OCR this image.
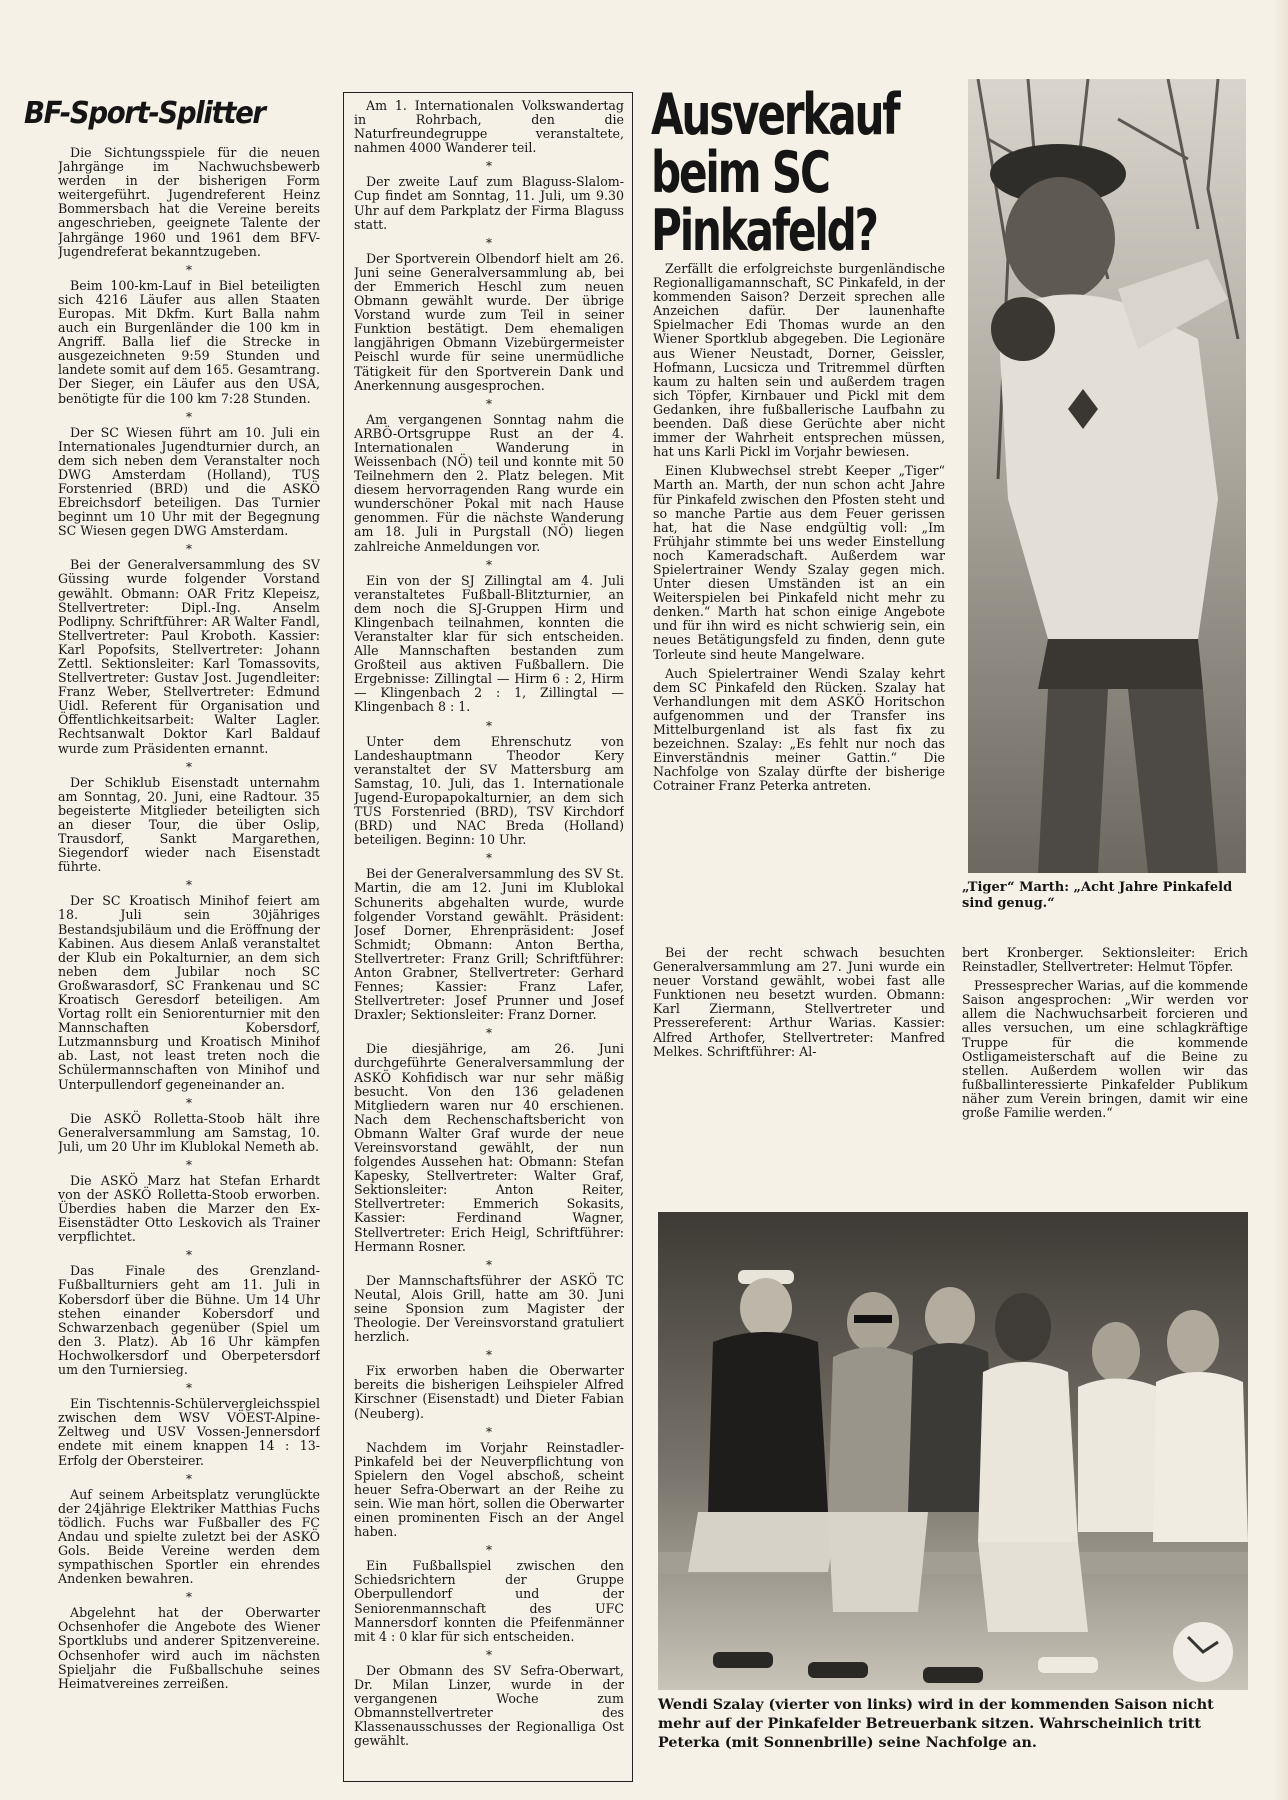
BF-Sport-Splitter

Die Sichtungsspiele für die neuen Jahrgänge im Nachwuchsbewerb werden in der bisherigen Form weitergeführt. Jugendreferent Heinz Bommersbach hat die Vereine bereits angeschrieben, geeignete Talente der Jahrgänge 1960 und 1961 dem BFV-Jugendreferat bekanntzugeben.

*

Beim 100-km-Lauf in Biel beteiligten sich 4216 Läufer aus allen Staaten Europas. Mit Dkfm. Kurt Balla nahm auch ein Burgenländer die 100 km in Angriff. Balla lief die Strecke in ausgezeichneten 9:59 Stunden und landete somit auf dem 165. Gesamtrang. Der Sieger, ein Läufer aus den USA, benötigte für die 100 km 7:28 Stunden.

*

Der SC Wiesen führt am 10. Juli ein Internationales Jugendturnier durch, an dem sich neben dem Veranstalter noch DWG Amsterdam (Holland), TUS Forstenried (BRD) und die ASKÖ Ebreichsdorf beteiligen. Das Turnier beginnt um 10 Uhr mit der Begegnung SC Wiesen gegen DWG Amsterdam.

*

Bei der Generalversammlung des SV Güssing wurde folgender Vorstand gewählt. Obmann: OAR Fritz Klepeisz, Stellvertreter: Dipl.-Ing. Anselm Podlipny. Schriftführer: AR Walter Fandl, Stellvertreter: Paul Kroboth. Kassier: Karl Popofsits, Stellvertreter: Johann Zettl. Sektionsleiter: Karl Tomassovits, Stellvertreter: Gustav Jost. Jugendleiter: Franz Weber, Stellvertreter: Edmund Uidl. Referent für Organisation und Öffentlichkeitsarbeit: Walter Lagler. Rechtsanwalt Doktor Karl Baldauf wurde zum Präsidenten ernannt.

*

Der Schiklub Eisenstadt unternahm am Sonntag, 20. Juni, eine Radtour. 35 begeisterte Mitglieder beteiligten sich an dieser Tour, die über Oslip, Trausdorf, Sankt Margarethen, Siegendorf wieder nach Eisenstadt führte.

*

Der SC Kroatisch Minihof feiert am 18. Juli sein 30jähriges Bestandsjubiläum und die Eröffnung der Kabinen. Aus diesem Anlaß veranstaltet der Klub ein Pokalturnier, an dem sich neben dem Jubilar noch SC Großwarasdorf, SC Frankenau und SC Kroatisch Geresdorf beteiligen. Am Vortag rollt ein Seniorenturnier mit den Mannschaften Kobersdorf, Lutzmannsburg und Kroatisch Minihof ab. Last, not least treten noch die Schülermannschaften von Minihof und Unterpullendorf gegeneinander an.

*

Die ASKÖ Rolletta-Stoob hält ihre Generalversammlung am Samstag, 10. Juli, um 20 Uhr im Klublokal Nemeth ab.

*

Die ASKÖ Marz hat Stefan Erhardt von der ASKÖ Rolletta-Stoob erworben. Überdies haben die Marzer den Ex-Eisenstädter Otto Leskovich als Trainer verpflichtet.

*

Das Finale des Grenzland-Fußballturniers geht am 11. Juli in Kobersdorf über die Bühne. Um 14 Uhr stehen einander Kobersdorf und Schwarzenbach gegenüber (Spiel um den 3. Platz). Ab 16 Uhr kämpfen Hochwolkersdorf und Oberpetersdorf um den Turniersieg.

*

Ein Tischtennis-Schülervergleichsspiel zwischen dem WSV VÖEST-Alpine-Zeltweg und USV Vossen-Jennersdorf endete mit einem knappen 14 : 13-Erfolg der Obersteirer.

*

Auf seinem Arbeitsplatz verunglückte der 24jährige Elektriker Matthias Fuchs tödlich. Fuchs war Fußballer des FC Andau und spielte zuletzt bei der ASKÖ Gols. Beide Vereine werden dem sympathischen Sportler ein ehrendes Andenken bewahren.

*

Abgelehnt hat der Oberwarter Ochsenhofer die Angebote des Wiener Sportklubs und anderer Spitzenvereine. Ochsenhofer wird auch im nächsten Spieljahr die Fußballschuhe seines Heimatvereines zerreißen.

Am 1. Internationalen Volkswandertag in Rohrbach, den die Naturfreundegruppe veranstaltete, nahmen 4000 Wanderer teil.

*

Der zweite Lauf zum Blaguss-Slalom-Cup findet am Sonntag, 11. Juli, um 9.30 Uhr auf dem Parkplatz der Firma Blaguss statt.

*

Der Sportverein Olbendorf hielt am 26. Juni seine Generalversammlung ab, bei der Emmerich Heschl zum neuen Obmann gewählt wurde. Der übrige Vorstand wurde zum Teil in seiner Funktion bestätigt. Dem ehemaligen langjährigen Obmann Vizebürgermeister Peischl wurde für seine unermüdliche Tätigkeit für den Sportverein Dank und Anerkennung ausgesprochen.

*

Am vergangenen Sonntag nahm die ARBÖ-Ortsgruppe Rust an der 4. Internationalen Wanderung in Weissenbach (NÖ) teil und konnte mit 50 Teilnehmern den 2. Platz belegen. Mit diesem hervorragenden Rang wurde ein wunderschöner Pokal mit nach Hause genommen. Für die nächste Wanderung am 18. Juli in Purgstall (NÖ) liegen zahlreiche Anmeldungen vor.

*

Ein von der SJ Zillingtal am 4. Juli veranstaltetes Fußball-Blitzturnier, an dem noch die SJ-Gruppen Hirm und Klingenbach teilnahmen, konnten die Veranstalter klar für sich entscheiden. Alle Mannschaften bestanden zum Großteil aus aktiven Fußballern. Die Ergebnisse: Zillingtal — Hirm 6 : 2, Hirm — Klingenbach 2 : 1, Zillingtal — Klingenbach 8 : 1.

*

Unter dem Ehrenschutz von Landeshauptmann Theodor Kery veranstaltet der SV Mattersburg am Samstag, 10. Juli, das 1. Internationale Jugend-Europapokalturnier, an dem sich TUS Forstenried (BRD), TSV Kirchdorf (BRD) und NAC Breda (Holland) beteiligen. Beginn: 10 Uhr.

*

Bei der Generalversammlung des SV St. Martin, die am 12. Juni im Klublokal Schunerits abgehalten wurde, wurde folgender Vorstand gewählt. Präsident: Josef Dorner, Ehrenpräsident: Josef Schmidt; Obmann: Anton Bertha, Stellvertreter: Franz Grill; Schriftführer: Anton Grabner, Stellvertreter: Gerhard Fennes; Kassier: Franz Lafer, Stellvertreter: Josef Prunner und Josef Draxler; Sektionsleiter: Franz Dorner.

*

Die diesjährige, am 26. Juni durchgeführte Generalversammlung der ASKÖ Kohfidisch war nur sehr mäßig besucht. Von den 136 geladenen Mitgliedern waren nur 40 erschienen. Nach dem Rechenschaftsbericht von Obmann Walter Graf wurde der neue Vereinsvorstand gewählt, der nun folgendes Aussehen hat: Obmann: Stefan Kapesky, Stellvertreter: Walter Graf, Sektionsleiter: Anton Reiter, Stellvertreter: Emmerich Sokasits, Kassier: Ferdinand Wagner, Stellvertreter: Erich Heigl, Schriftführer: Hermann Rosner.

*

Der Mannschaftsführer der ASKÖ TC Neutal, Alois Grill, hatte am 30. Juni seine Sponsion zum Magister der Theologie. Der Vereinsvorstand gratuliert herzlich.

*

Fix erworben haben die Oberwarter bereits die bisherigen Leihspieler Alfred Kirschner (Eisenstadt) und Dieter Fabian (Neuberg).

*

Nachdem im Vorjahr Reinstadler-Pinkafeld bei der Neuverpflichtung von Spielern den Vogel abschoß, scheint heuer Sefra-Oberwart an der Reihe zu sein. Wie man hört, sollen die Oberwarter einen prominenten Fisch an der Angel haben.

*

Ein Fußballspiel zwischen den Schiedsrichtern der Gruppe Oberpullendorf und der Seniorenmannschaft des UFC Mannersdorf konnten die Pfeifenmänner mit 4 : 0 klar für sich entscheiden.

*

Der Obmann des SV Sefra-Oberwart, Dr. Milan Linzer, wurde in der vergangenen Woche zum Obmannstellvertreter des Klassenausschusses der Regionalliga Ost gewählt.

Ausverkauf
beim SC
Pinkafeld?

Zerfällt die erfolgreichste burgenländische Regionalligamannschaft, SC Pinkafeld, in der kommenden Saison? Derzeit sprechen alle Anzeichen dafür. Der launenhafte Spielmacher Edi Thomas wurde an den Wiener Sportklub abgegeben. Die Legionäre aus Wiener Neustadt, Dorner, Geissler, Hofmann, Lucsicza und Tritremmel dürften kaum zu halten sein und außerdem tragen sich Töpfer, Kirnbauer und Pickl mit dem Gedanken, ihre fußballerische Laufbahn zu beenden. Daß diese Gerüchte aber nicht immer der Wahrheit entsprechen müssen, hat uns Karli Pickl im Vorjahr bewiesen.

Einen Klubwechsel strebt Keeper „Tiger“ Marth an. Marth, der nun schon acht Jahre für Pinkafeld zwischen den Pfosten steht und so manche Partie aus dem Feuer gerissen hat, hat die Nase endgültig voll: „Im Frühjahr stimmte bei uns weder Einstellung noch Kameradschaft. Außerdem war Spielertrainer Wendy Szalay gegen mich. Unter diesen Umständen ist an ein Weiterspielen bei Pinkafeld nicht mehr zu denken.“ Marth hat schon einige Angebote und für ihn wird es nicht schwierig sein, ein neues Betätigungsfeld zu finden, denn gute Torleute sind heute Mangelware.

Auch Spielertrainer Wendi Szalay kehrt dem SC Pinkafeld den Rücken. Szalay hat Verhandlungen mit dem ASKÖ Horitschon aufgenommen und der Transfer ins Mittelburgenland ist als fast fix zu bezeichnen. Szalay: „Es fehlt nur noch das Einverständnis meiner Gattin.“ Die Nachfolge von Szalay dürfte der bisherige Cotrainer Franz Peterka antreten.

Bei der recht schwach besuchten Generalversammlung am 27. Juni wurde ein neuer Vorstand gewählt, wobei fast alle Funktionen neu besetzt wurden. Obmann: Karl Ziermann, Stellvertreter und Pressereferent: Arthur Warias. Kassier: Alfred Arthofer, Stellvertreter: Manfred Melkes. Schriftführer: Al-

bert Kronberger. Sektionsleiter: Erich Reinstadler, Stellvertreter: Helmut Töpfer.

Pressesprecher Warias, auf die kommende Saison angesprochen: „Wir werden vor allem die Nachwuchsarbeit forcieren und alles versuchen, um eine schlagkräftige Truppe für die kommende Ostligameisterschaft auf die Beine zu stellen. Außerdem wollen wir das fußballinteressierte Pinkafelder Publikum näher zum Verein bringen, damit wir eine große Familie werden.“

„Tiger“ Marth: „Acht Jahre Pinkafeld sind genug.“
Wendi Szalay (vierter von links) wird in der kommenden Saison nicht mehr auf der Pinkafelder Betreuerbank sitzen. Wahrscheinlich tritt Peterka (mit Sonnenbrille) seine Nachfolge an.
